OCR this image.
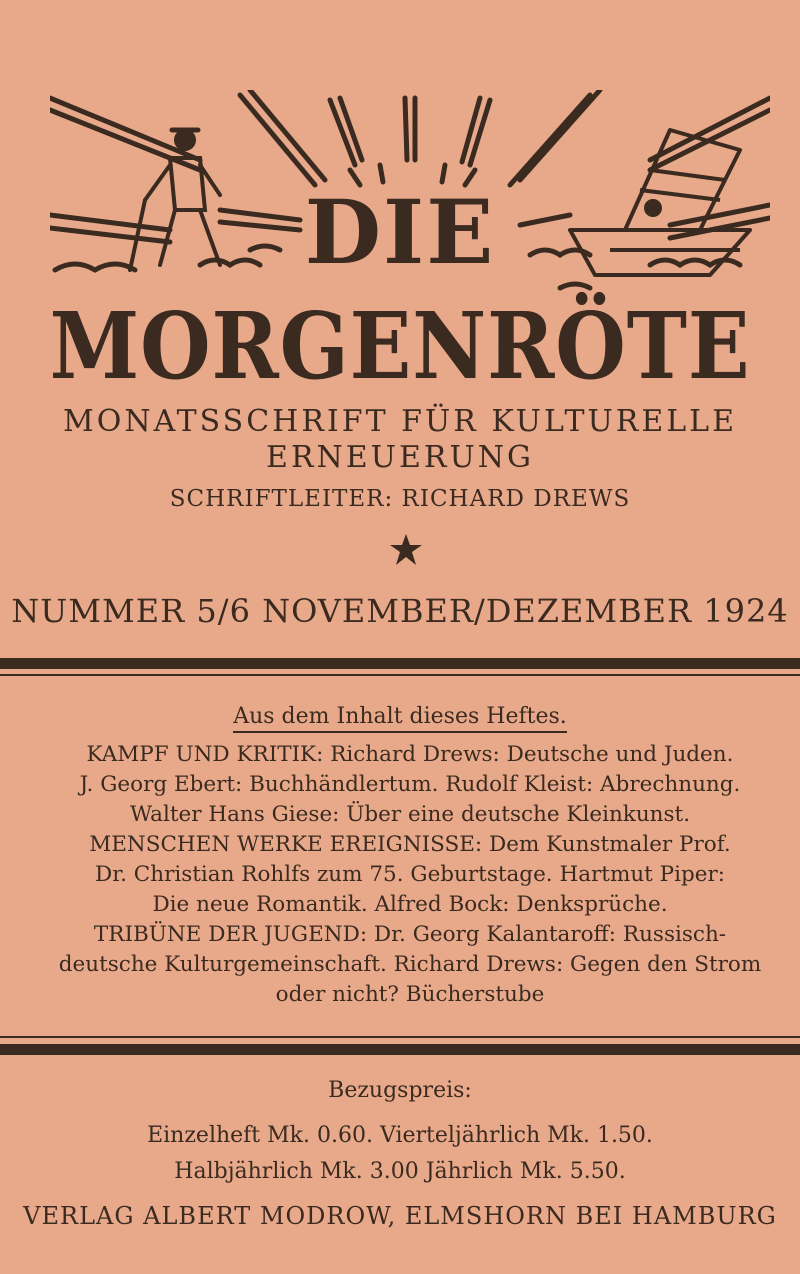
DIE
MORGENRÖTE
MONATSSCHRIFT FÜR KULTURELLE
ERNEUERUNG
SCHRIFTLEITER: RICHARD DREWS
NUMMER 5/6 NOVEMBER/DEZEMBER 1924
Aus dem Inhalt dieses Heftes.
KAMPF UND KRITIK: Richard Drews: Deutsche und Juden.
J. Georg Ebert: Buchhändlertum. Rudolf Kleist: Abrechnung.
Walter Hans Giese: Über eine deutsche Kleinkunst.
MENSCHEN WERKE EREIGNISSE: Dem Kunstmaler Prof.
Dr. Christian Rohlfs zum 75. Geburtstage. Hartmut Piper:
Die neue Romantik. Alfred Bock: Denksprüche.
TRIBÜNE DER JUGEND: Dr. Georg Kalantaroff: Russisch-
deutsche Kulturgemeinschaft. Richard Drews: Gegen den Strom
oder nicht? Bücherstube
Bezugspreis:
Einzelheft Mk. 0.60. Vierteljährlich Mk. 1.50.
Halbjährlich Mk. 3.00 Jährlich Mk. 5.50.
VERLAG ALBERT MODROW, ELMSHORN BEI HAMBURG
